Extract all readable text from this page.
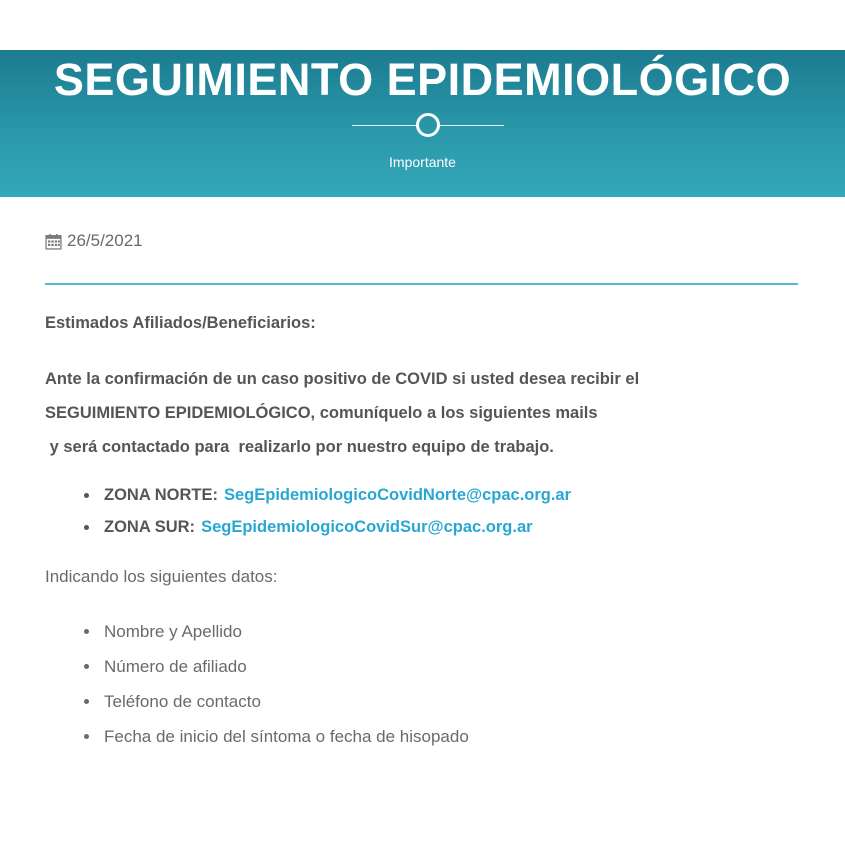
SEGUIMIENTO EPIDEMIOLÓGICO
Importante
26/5/2021
Estimados Afiliados/Beneficiarios:
Ante la confirmación de un caso positivo de COVID si usted desea recibir el
SEGUIMIENTO EPIDEMIOLÓGICO, comuníquelo a los siguientes mails
y será contactado para  realizarlo por nuestro equipo de trabajo.
ZONA NORTE: SegEpidemiologicoCovidNorte@cpac.org.ar
ZONA SUR: SegEpidemiologicoCovidSur@cpac.org.ar
Indicando los siguientes datos:
Nombre y Apellido
Número de afiliado
Teléfono de contacto
Fecha de inicio del síntoma o fecha de hisopado
